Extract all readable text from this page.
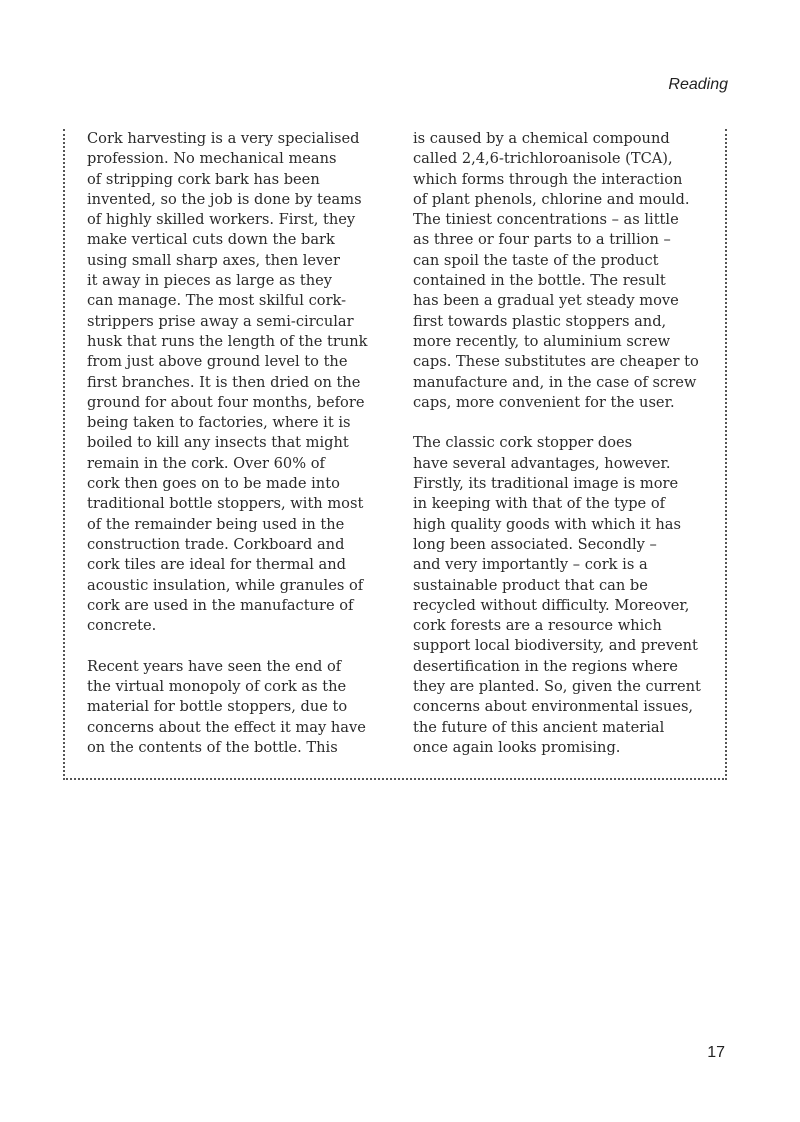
Reading

Cork harvesting is a very specialised
profession. No mechanical means
of stripping cork bark has been
invented, so the job is done by teams
of highly skilled workers. First, they
make vertical cuts down the bark
using small sharp axes, then lever
it away in pieces as large as they
can manage. The most skilful cork-
strippers prise away a semi-circular
husk that runs the length of the trunk
from just above ground level to the
first branches. It is then dried on the
ground for about four months, before
being taken to factories, where it is
boiled to kill any insects that might
remain in the cork. Over 60% of
cork then goes on to be made into
traditional bottle stoppers, with most
of the remainder being used in the
construction trade. Corkboard and
cork tiles are ideal for thermal and
acoustic insulation, while granules of
cork are used in the manufacture of
concrete.

Recent years have seen the end of
the virtual monopoly of cork as the
material for bottle stoppers, due to
concerns about the effect it may have
on the contents of the bottle. This

is caused by a chemical compound
called 2,4,6-trichloroanisole (TCA),
which forms through the interaction
of plant phenols, chlorine and mould.
The tiniest concentrations – as little
as three or four parts to a trillion –
can spoil the taste of the product
contained in the bottle. The result
has been a gradual yet steady move
first towards plastic stoppers and,
more recently, to aluminium screw
caps. These substitutes are cheaper to
manufacture and, in the case of screw
caps, more convenient for the user.

The classic cork stopper does
have several advantages, however.
Firstly, its traditional image is more
in keeping with that of the type of
high quality goods with which it has
long been associated. Secondly –
and very importantly – cork is a
sustainable product that can be
recycled without difficulty. Moreover,
cork forests are a resource which
support local biodiversity, and prevent
desertification in the regions where
they are planted. So, given the current
concerns about environmental issues,
the future of this ancient material
once again looks promising.

17
